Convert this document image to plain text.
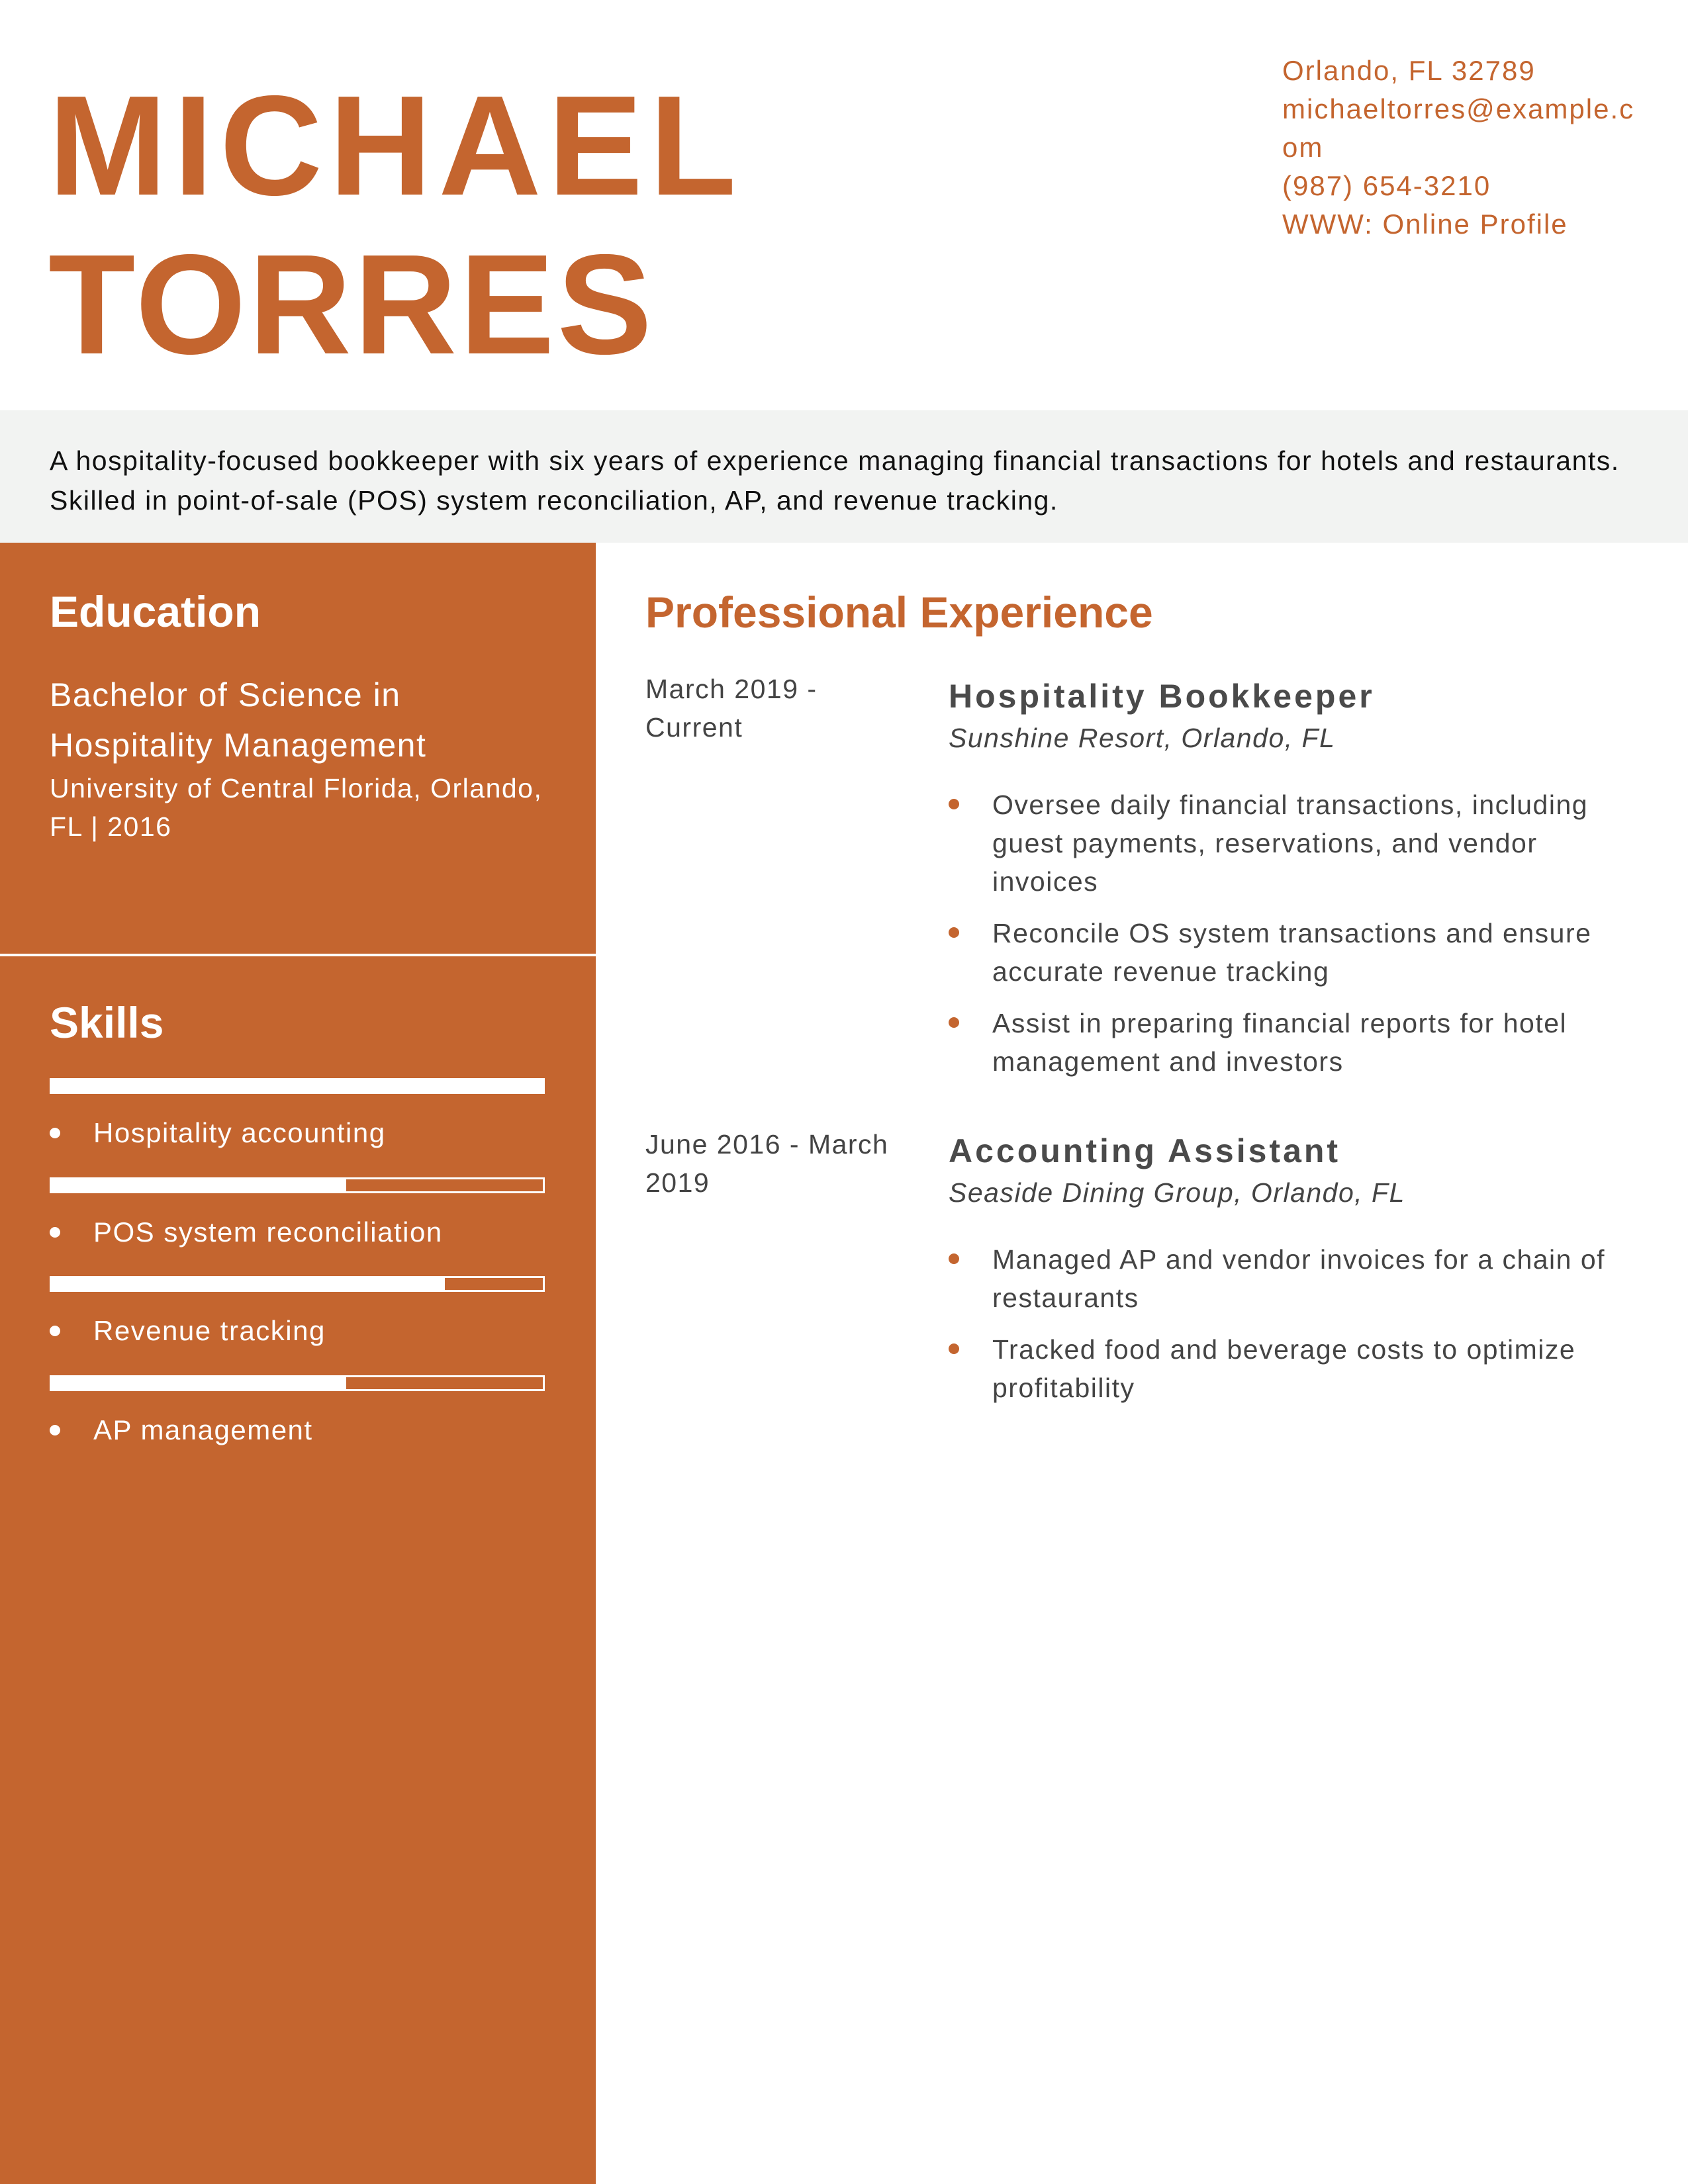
MICHAEL
TORRES
Orlando, FL 32789
michaeltorres@example.com
(987) 654-3210
WWW: Online Profile

A hospitality-focused bookkeeper with six years of experience managing financial transactions for hotels and restaurants. Skilled in point-of-sale (POS) system reconciliation, AP, and revenue tracking.

Education
Bachelor of Science in Hospitality Management
University of Central Florida, Orlando, FL | 2016
Skills
Hospitality accounting
POS system reconciliation
Revenue tracking
AP management
Professional Experience
March 2019 - Current
Hospitality Bookkeeper
Sunshine Resort, Orlando, FL
Oversee daily financial transactions, including guest payments, reservations, and vendor invoices
Reconcile OS system transactions and ensure accurate revenue tracking
Assist in preparing financial reports for hotel management and investors
June 2016 - March 2019
Accounting Assistant
Seaside Dining Group, Orlando, FL
Managed AP and vendor invoices for a chain of restaurants
Tracked food and beverage costs to optimize profitability
